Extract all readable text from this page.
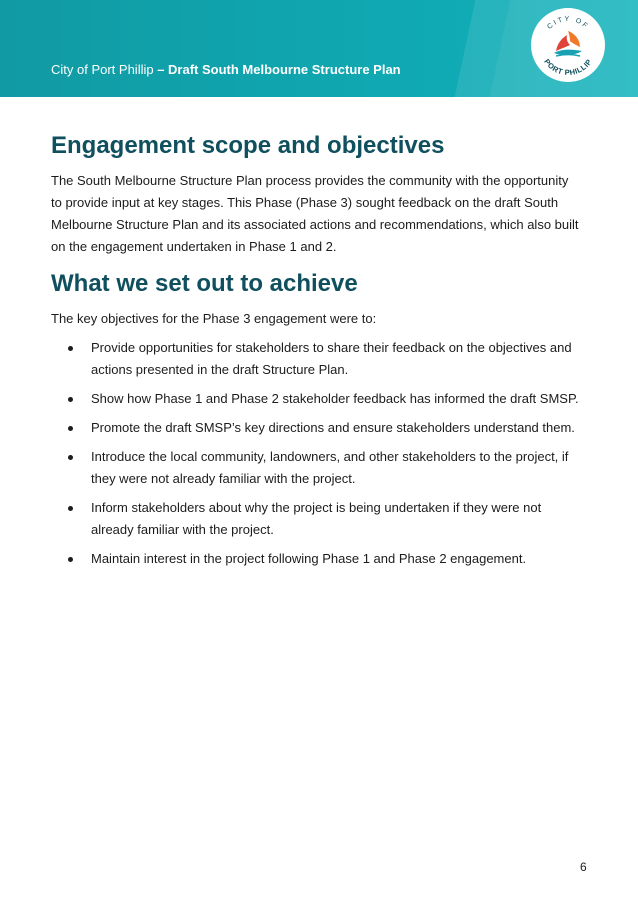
City of Port Phillip – Draft South Melbourne Structure Plan
CITY OF
PORT PHILLIP
Engagement scope and objectives

The South Melbourne Structure Plan process provides the community with the opportunity to provide input at key stages. This Phase (Phase 3) sought feedback on the draft South Melbourne Structure Plan and its associated actions and recommendations, which also built on the engagement undertaken in Phase 1 and 2.

What we set out to achieve

The key objectives for the Phase 3 engagement were to:

Provide opportunities for stakeholders to share their feedback on the objectives and actions presented in the draft Structure Plan.
Show how Phase 1 and Phase 2 stakeholder feedback has informed the draft SMSP.
Promote the draft SMSP’s key directions and ensure stakeholders understand them.
Introduce the local community, landowners, and other stakeholders to the project, if they were not already familiar with the project.
Inform stakeholders about why the project is being undertaken if they were not already familiar with the project.
Maintain interest in the project following Phase 1 and Phase 2 engagement.
6
